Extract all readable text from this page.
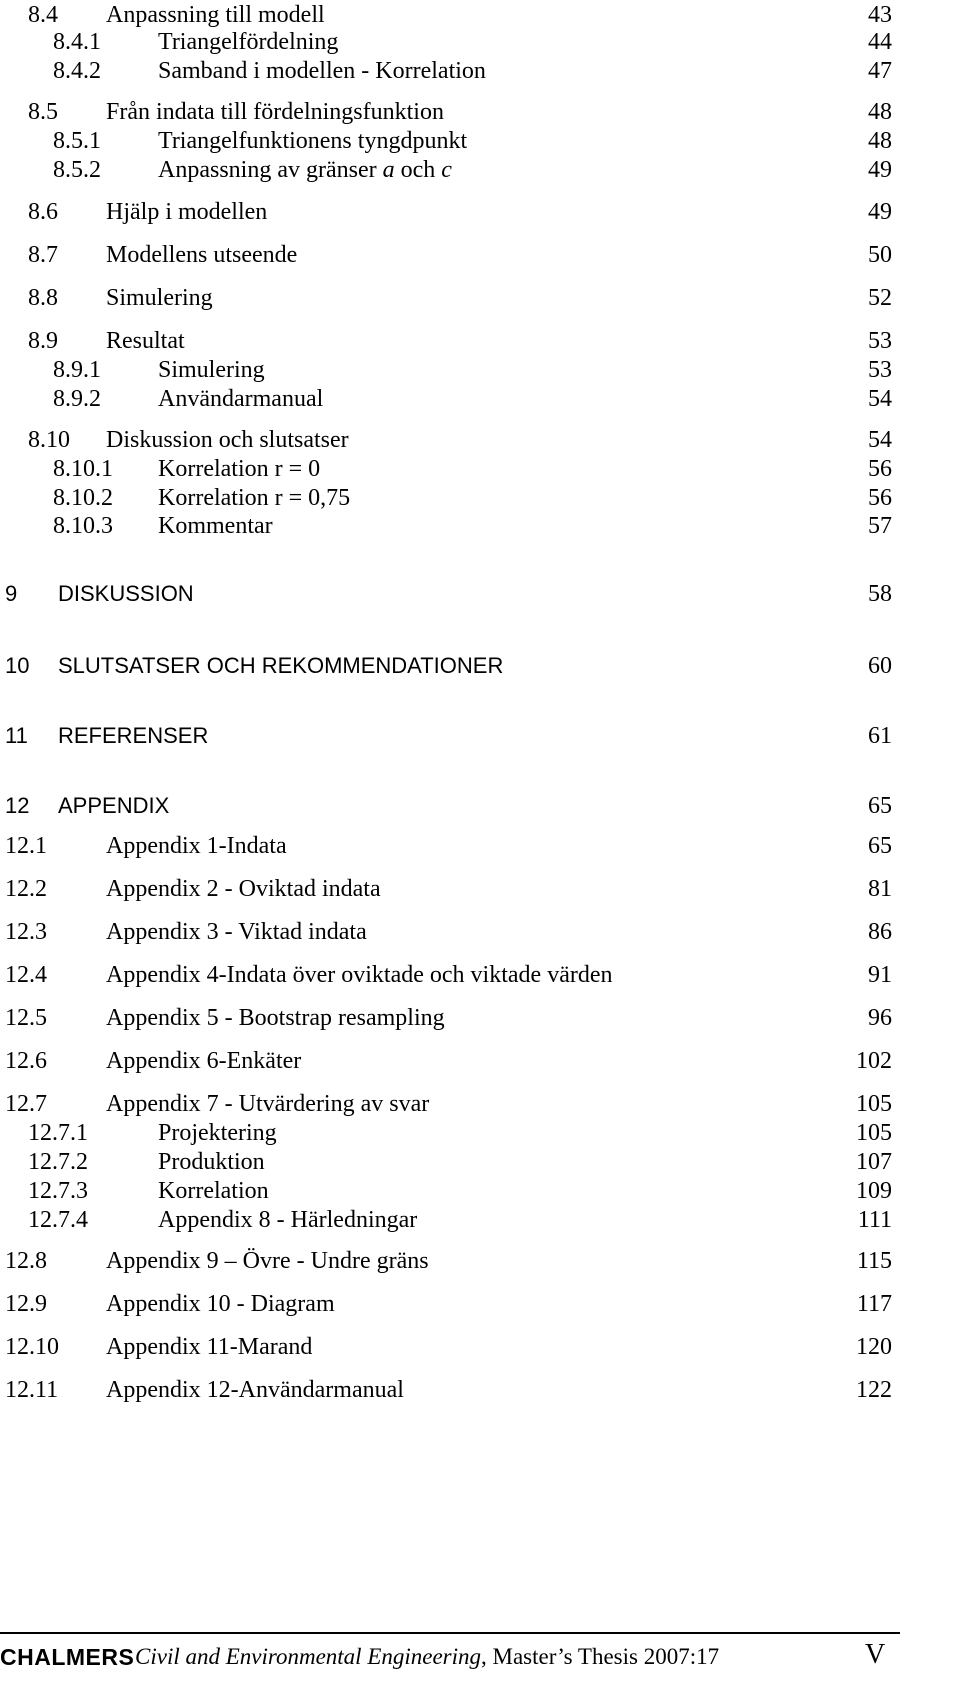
8.4 Anpassning till modell	43
8.4.1 Triangelfördelning	44
8.4.2 Samband i modellen - Korrelation	47
8.5 Från indata till fördelningsfunktion	48
8.5.1 Triangelfunktionens tyngdpunkt	48
8.5.2 Anpassning av gränser a och c	49
8.6 Hjälp i modellen	49
8.7 Modellens utseende	50
8.8 Simulering	52
8.9 Resultat	53
8.9.1 Simulering	53
8.9.2 Användarmanual	54
8.10 Diskussion och slutsatser	54
8.10.1 Korrelation r = 0	56
8.10.2 Korrelation r = 0,75	56
8.10.3 Kommentar	57
9 DISKUSSION	58
10 SLUTSATSER OCH REKOMMENDATIONER	60
11 REFERENSER	61
12 APPENDIX	65
12.1 Appendix 1-Indata	65
12.2 Appendix 2 - Oviktad indata	81
12.3 Appendix 3 - Viktad indata	86
12.4 Appendix 4-Indata över oviktade och viktade värden	91
12.5 Appendix 5 - Bootstrap resampling	96
12.6 Appendix 6-Enkäter	102
12.7 Appendix 7 - Utvärdering av svar	105
12.7.1	Projektering	105
12.7.2	Produktion	107
12.7.3	Korrelation	109
12.7.4	Appendix 8 - Härledningar	111
12.8 Appendix 9 – Övre - Undre gräns	115
12.9 Appendix 10 - Diagram	117
12.10 Appendix 11-Marand	120
12.11 Appendix 12-Användarmanual	122
CHALMERS Civil and Environmental Engineering, Master’s Thesis 2007:17	V
